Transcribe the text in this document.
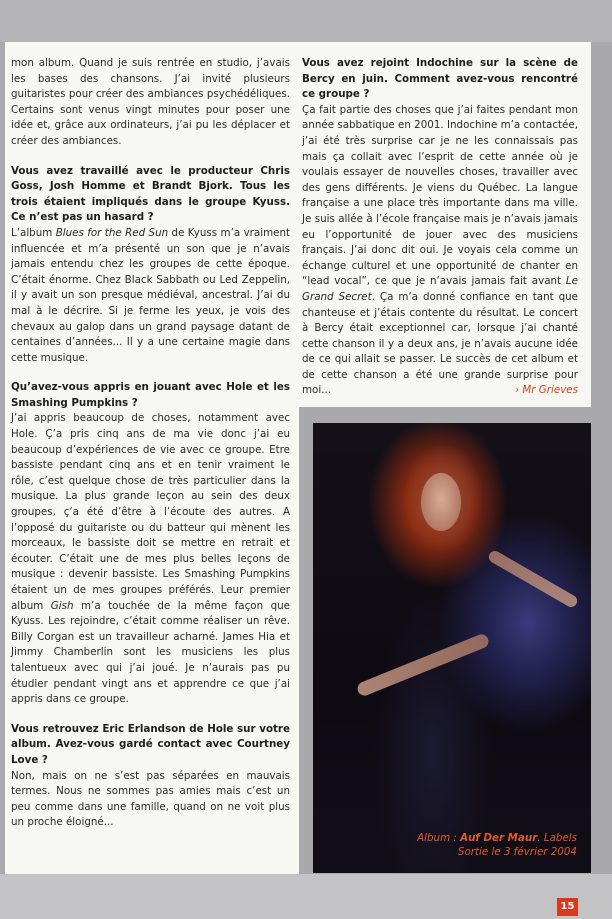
mon album. Quand je suis rentrée en studio, j’avais les bases des chansons. J’ai invité plusieurs guitaristes pour créer des ambiances psychédéliques. Certains sont venus vingt minutes pour poser une idée et, grâce aux ordinateurs, j’ai pu les déplacer et créer des ambiances.

Vous avez travaillé avec le producteur Chris Goss, Josh Homme et Brandt Bjork. Tous les trois étaient impliqués dans le groupe Kyuss. Ce n’est pas un hasard ?

L’album Blues for the Red Sun de Kyuss m’a vraiment influencée et m’a présenté un son que je n’avais jamais entendu chez les groupes de cette époque. C’était énorme. Chez Black Sabbath ou Led Zeppelin, il y avait un son presque médiéval, ancestral. J’ai du mal à le décrire. Si je ferme les yeux, je vois des chevaux au galop dans un grand paysage datant de centaines d’années... Il y a une certaine magie dans cette musique.

Qu’avez-vous appris en jouant avec Hole et les Smashing Pumpkins ?

J’ai appris beaucoup de choses, notamment avec Hole. Ç’a pris cinq ans de ma vie donc j’ai eu beaucoup d’expériences de vie avec ce groupe. Etre bassiste pendant cinq ans et en tenir vraiment le rôle, c’est quelque chose de très particulier dans la musique. La plus grande leçon au sein des deux groupes, ç’a été d’être à l’écoute des autres. A l’opposé du guitariste ou du batteur qui mènent les morceaux, le bassiste doit se mettre en retrait et écouter. C’était une de mes plus belles leçons de musique : devenir bassiste. Les Smashing Pumpkins étaient un de mes groupes préférés. Leur premier album Gish m’a touchée de la même façon que Kyuss. Les rejoindre, c’était comme réaliser un rêve. Billy Corgan est un travailleur acharné. James Hia et Jimmy Chamberlin sont les musiciens les plus talentueux avec qui j’ai joué. Je n’aurais pas pu étudier pendant vingt ans et apprendre ce que j’ai appris dans ce groupe.

Vous retrouvez Eric Erlandson de Hole sur votre album. Avez-vous gardé contact avec Courtney Love ?

Non, mais on ne s’est pas séparées en mauvais termes. Nous ne sommes pas amies mais c’est un peu comme dans une famille, quand on ne voit plus un proche éloigné...

Vous avez rejoint Indochine sur la scène de Bercy en juin. Comment avez-vous rencontré ce groupe ?

Ça fait partie des choses que j’ai faites pendant mon année sabbatique en 2001. Indochine m’a contactée, j’ai été très surprise car je ne les connaissais pas mais ça collait avec l’esprit de cette année où je voulais essayer de nouvelles choses, travailler avec des gens différents. Je viens du Québec. La langue française a une place très importante dans ma ville. Je suis allée à l’école française mais je n’avais jamais eu l’opportunité de jouer avec des musiciens français. J’ai donc dit oui. Je voyais cela comme un échange culturel et une opportunité de chanter en “lead vocal”, ce que je n’avais jamais fait avant Le Grand Secret. Ça m’a donné confiance en tant que chanteuse et j’étais contente du résultat. Le concert à Bercy était exceptionnel car, lorsque j’ai chanté cette chanson il y a deux ans, je n’avais aucune idée de ce qui allait se passer. Le succès de cet album et de cette chanson a été une grande surprise pour moi...	› Mr Grieves

Album : Auf Der Maur. Labels
Sortie le 3 février 2004
15
